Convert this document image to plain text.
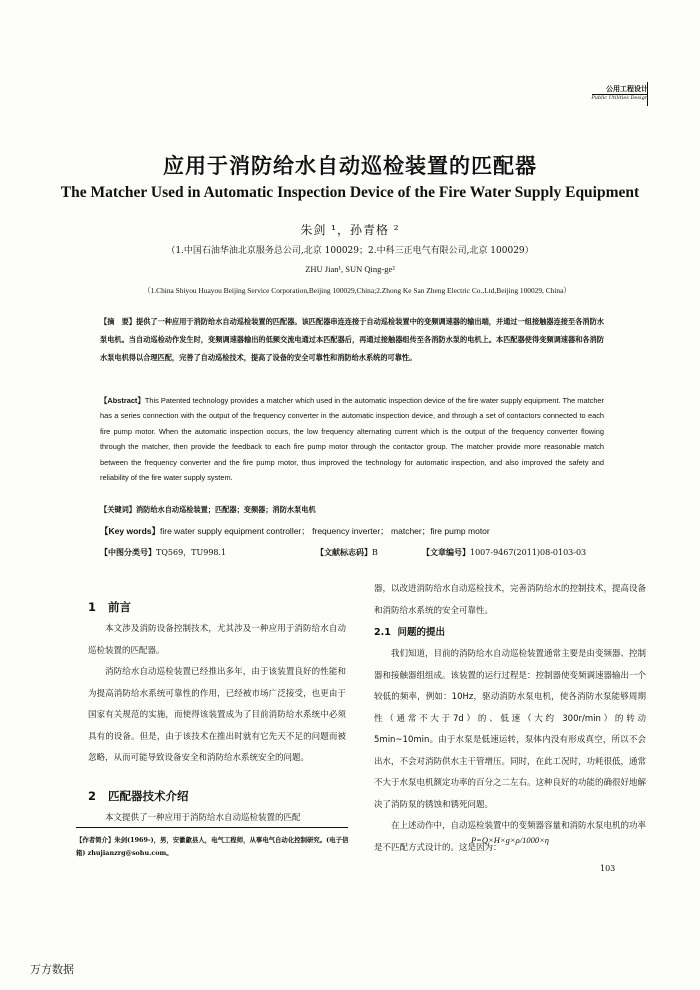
公用工程设计
Public Utilities Design
应用于消防给水自动巡检装置的匹配器
The Matcher Used in Automatic Inspection Device of the Fire Water Supply Equipment
朱剑 ¹，孙青格 ²
（1.中国石油华油北京服务总公司,北京 100029；2.中科三正电气有限公司,北京 100029）
ZHU Jian¹, SUN Qing-ge²
（1.China Shiyou Huayou Beijing Service Corporation,Beijing 100029,China;2.Zhong Ke San Zheng Electric Co.,Ltd,Beijing 100029, China）
【摘　要】提供了一种应用于消防给水自动巡检装置的匹配器。该匹配器串连连接于自动巡检装置中的变频调速器的输出端，并通过一组接触器连接至各消防水泵电机。当自动巡检动作发生时，变频调速器输出的低频交流电通过本匹配器后，再通过接触器组传至各消防水泵的电机上。本匹配器使得变频调速器和各消防水泵电机得以合理匹配，完善了自动巡检技术，提高了设备的安全可靠性和消防给水系统的可靠性。
【Abstract】This Patented technology provides a matcher which used in the automatic inspection device of the fire water supply equipment. The matcher has a series connection with the output of the frequency converter in the automatic inspection device, and through a set of contactors connected to each fire pump motor. When the automatic inspection occurs, the low frequency alternating current which is the output of the frequency converter flowing through the matcher, then provide the feedback to each fire pump motor through the contactor group. The matcher provide more reasonable match between the frequency converter and the fire pump motor, thus improved the technology for automatic inspection, and also improved the safety and reliability of the fire water supply system.
【关键词】消防给水自动巡检装置；匹配器；变频器；消防水泵电机
【Key words】fire water supply equipment controller； frequency inverter； matcher；fire pump motor
【中图分类号】TQ569，TU998.1	【文献标志码】B	【文章编号】1007-9467(2011)08-0103-03
1 前言

本文涉及消防设备控制技术，尤其涉及一种应用于消防给水自动巡检装置的匹配器。

消防给水自动巡检装置已经推出多年，由于该装置良好的性能和为提高消防给水系统可靠性的作用，已经被市场广泛接受，也更由于国家有关规范的实施，而使得该装置成为了目前消防给水系统中必须具有的设备。但是，由于该技术在推出时就有它先天不足的问题而被忽略，从而可能导致设备安全和消防给水系统安全的问题。

2 匹配器技术介绍

本文提供了一种应用于消防给水自动巡检装置的匹配

器，以改进消防给水自动巡检技术，完善消防给水的控制技术，提高设备和消防给水系统的安全可靠性。

2.1 问题的提出

我们知道，目前的消防给水自动巡检装置通常主要是由变频器、控制器和接触器组组成。该装置的运行过程是：控制器使变频调速器输出一个较低的频率，例如：10Hz，驱动消防水泵电机，使各消防水泵能够周期性（通常不大于7d）的、低速（大约 300r/min）的转动 5min~10min。由于水泵是低速运转，泵体内没有形成真空，所以不会出水，不会对消防供水主干管增压。同时，在此工况时，功耗很低，通常不大于水泵电机额定功率的百分之二左右。这种良好的功能的确很好地解决了消防泵的锈蚀和锈死问题。

在上述动作中，自动巡检装置中的变频器容量和消防水泵电机的功率是不匹配方式设计的。这是因为：

P=Q×H×g×ρ/1000×η
【作者简介】朱剑(1969-)，男，安徽歙县人，电气工程师，从事电气自动化控制研究。(电子信箱) zhujianzrg@sohu.com。
103
万方数据
